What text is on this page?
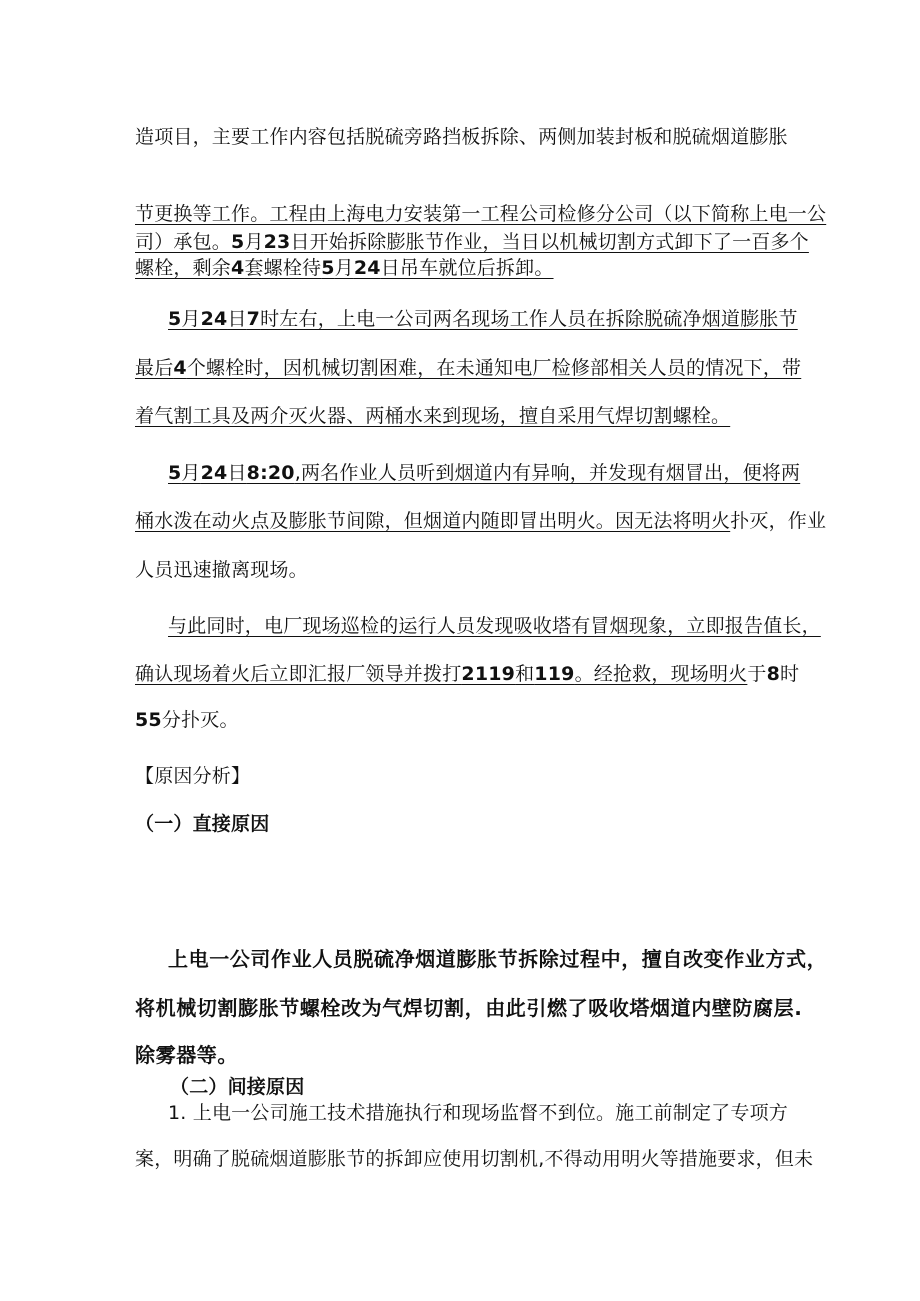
造项目，主要工作内容包括脱硫旁路挡板拆除、两侧加装封板和脱硫烟道膨胀
节更换等工作。工程由上海电力安装第一工程公司检修分公司（以下简称上电一公
司）承包。5月23日开始拆除膨胀节作业，当日以机械切割方式卸下了一百多个
螺栓，剩余4套螺栓待5月24日吊车就位后拆卸。
5月24日7时左右，上电一公司两名现场工作人员在拆除脱硫净烟道膨胀节
最后4个螺栓时，因机械切割困难，在未通知电厂检修部相关人员的情况下，带
着气割工具及两介灭火器、两桶水来到现场，擅自采用气焊切割螺栓。
5月24日8:20,两名作业人员听到烟道内有异响，并发现有烟冒出，便将两
桶水泼在动火点及膨胀节间隙，但烟道内随即冒出明火。因无法将明火扑灭，作业
人员迅速撤离现场。
与此同时，电厂现场巡检的运行人员发现吸收塔有冒烟现象，立即报告值长，
确认现场着火后立即汇报厂领导并拨打2119和119。经抢救，现场明火于8时
55分扑灭。
【原因分析】
（一）直接原因
上电一公司作业人员脱硫净烟道膨胀节拆除过程中，擅自改变作业方式，
将机械切割膨胀节螺栓改为气焊切割，由此引燃了吸收塔烟道内壁防腐层.
除雾器等。
（二）间接原因
1. 上电一公司施工技术措施执行和现场监督不到位。施工前制定了专项方
案，明确了脱硫烟道膨胀节的拆卸应使用切割机,不得动用明火等措施要求，但未
